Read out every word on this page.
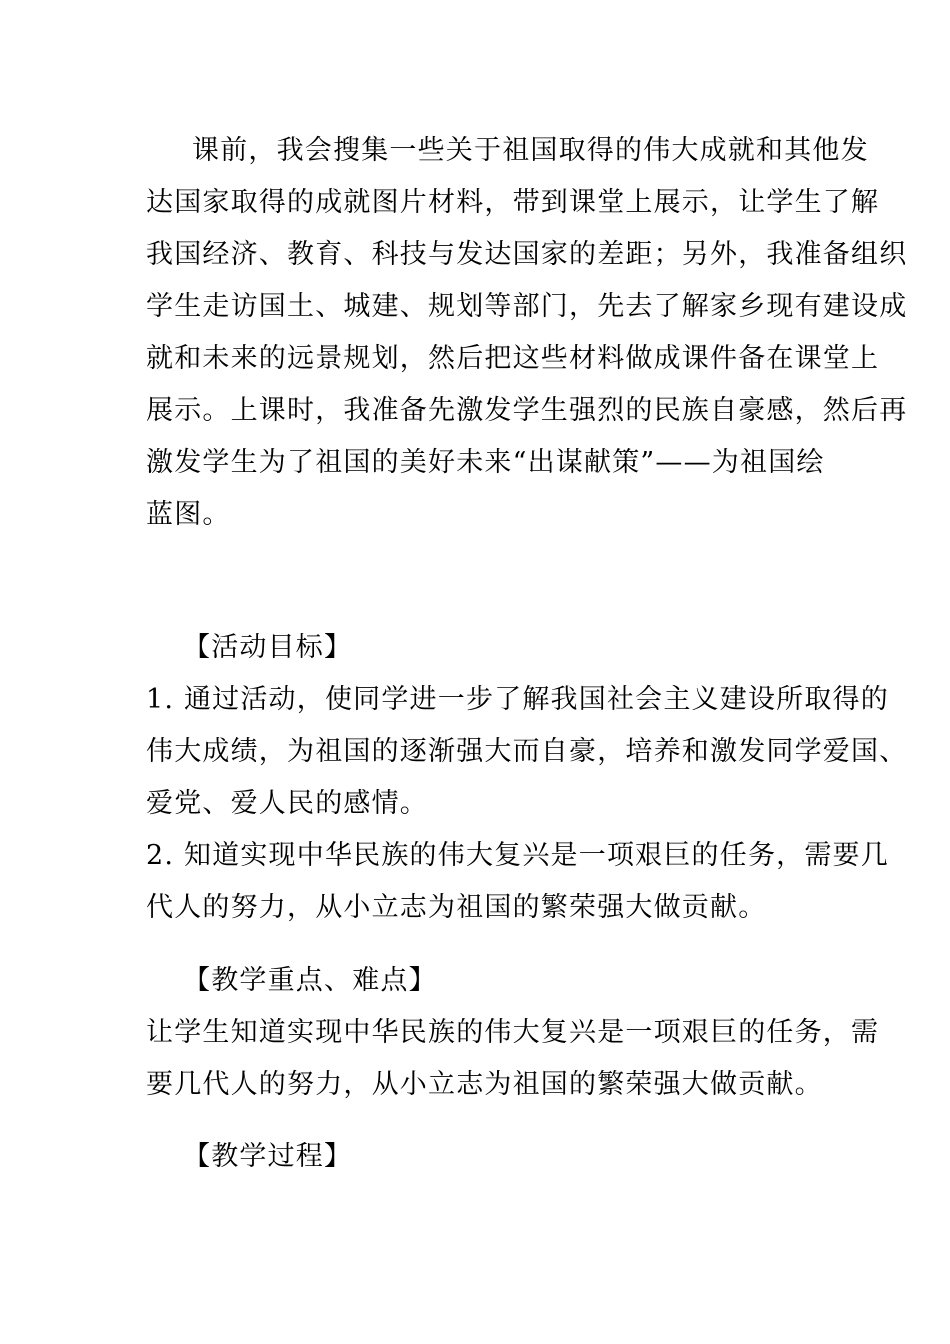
课前，我会搜集一些关于祖国取得的伟大成就和其他发
达国家取得的成就图片材料，带到课堂上展示，让学生了解
我国经济、教育、科技与发达国家的差距；另外，我准备组织
学生走访国土、城建、规划等部门，先去了解家乡现有建设成
就和未来的远景规划，然后把这些材料做成课件备在课堂上
展示。上课时，我准备先激发学生强烈的民族自豪感，然后再
激发学生为了祖国的美好未来“出谋献策”——为祖国绘
蓝图。
【活动目标】
1. 通过活动，使同学进一步了解我国社会主义建设所取得的
伟大成绩，为祖国的逐渐强大而自豪，培养和激发同学爱国、
爱党、爱人民的感情。
2. 知道实现中华民族的伟大复兴是一项艰巨的任务，需要几
代人的努力，从小立志为祖国的繁荣强大做贡献。
【教学重点、难点】
让学生知道实现中华民族的伟大复兴是一项艰巨的任务，需
要几代人的努力，从小立志为祖国的繁荣强大做贡献。
【教学过程】
